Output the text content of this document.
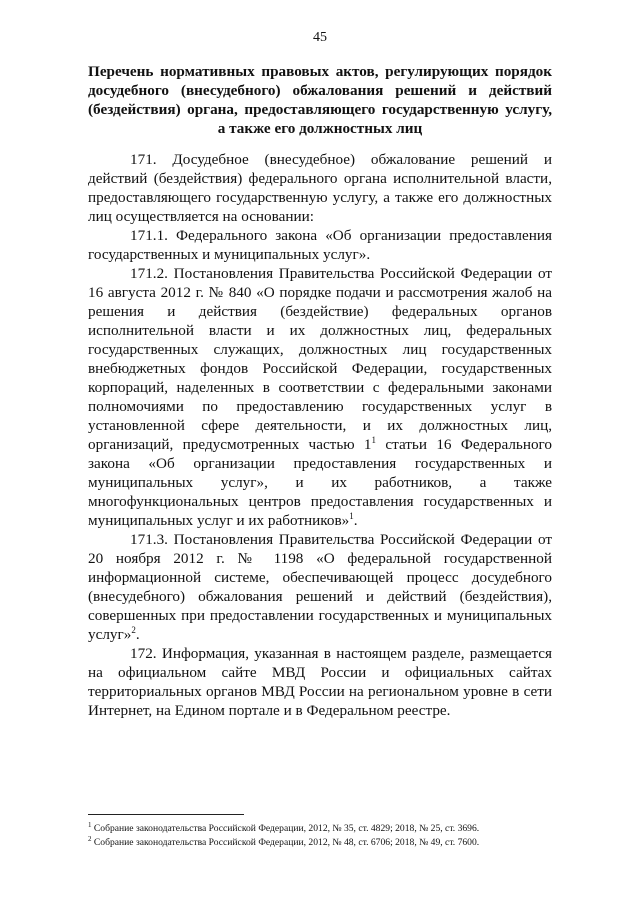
45
Перечень нормативных правовых актов, регулирующих порядок досудебного (внесудебного) обжалования решений и действий (бездействия) органа, предоставляющего государственную услугу, а также его должностных лиц

171. Досудебное (внесудебное) обжалование решений и действий (бездействия) федерального органа исполнительной власти, предоставляющего государственную услугу, а также его должностных лиц осуществляется на основании:

171.1. Федерального закона «Об организации предоставления государственных и муниципальных услуг».

171.2. Постановления Правительства Российской Федерации от 16 августа 2012 г. № 840 «О порядке подачи и рассмотрения жалоб на решения и действия (бездействие) федеральных органов исполнительной власти и их должностных лиц, федеральных государственных служащих, должностных лиц государственных внебюджетных фондов Российской Федерации, государственных корпораций, наделенных в соответствии с федеральными законами полномочиями по предоставлению государственных услуг в установленной сфере деятельности, и их должностных лиц, организаций, предусмотренных частью $1^1$ статьи 16 Федерального закона «Об организации предоставления государственных и муниципальных услуг», и их работников, а также многофункциональных центров предоставления государственных и муниципальных услуг и их работников»$^1$.

171.3. Постановления Правительства Российской Федерации от 20 ноября 2012 г. № 1198 «О федеральной государственной информационной системе, обеспечивающей процесс досудебного (внесудебного) обжалования решений и действий (бездействия), совершенных при предоставлении государственных и муниципальных услуг»$^2$.

172. Информация, указанная в настоящем разделе, размещается на официальном сайте МВД России и официальных сайтах территориальных органов МВД России на региональном уровне в сети Интернет, на Едином портале и в Федеральном реестре.

$^1$ Собрание законодательства Российской Федерации, 2012, № 35, ст. 4829; 2018, № 25, ст. 3696.
$^2$ Собрание законодательства Российской Федерации, 2012, № 48, ст. 6706; 2018, № 49, ст. 7600.
